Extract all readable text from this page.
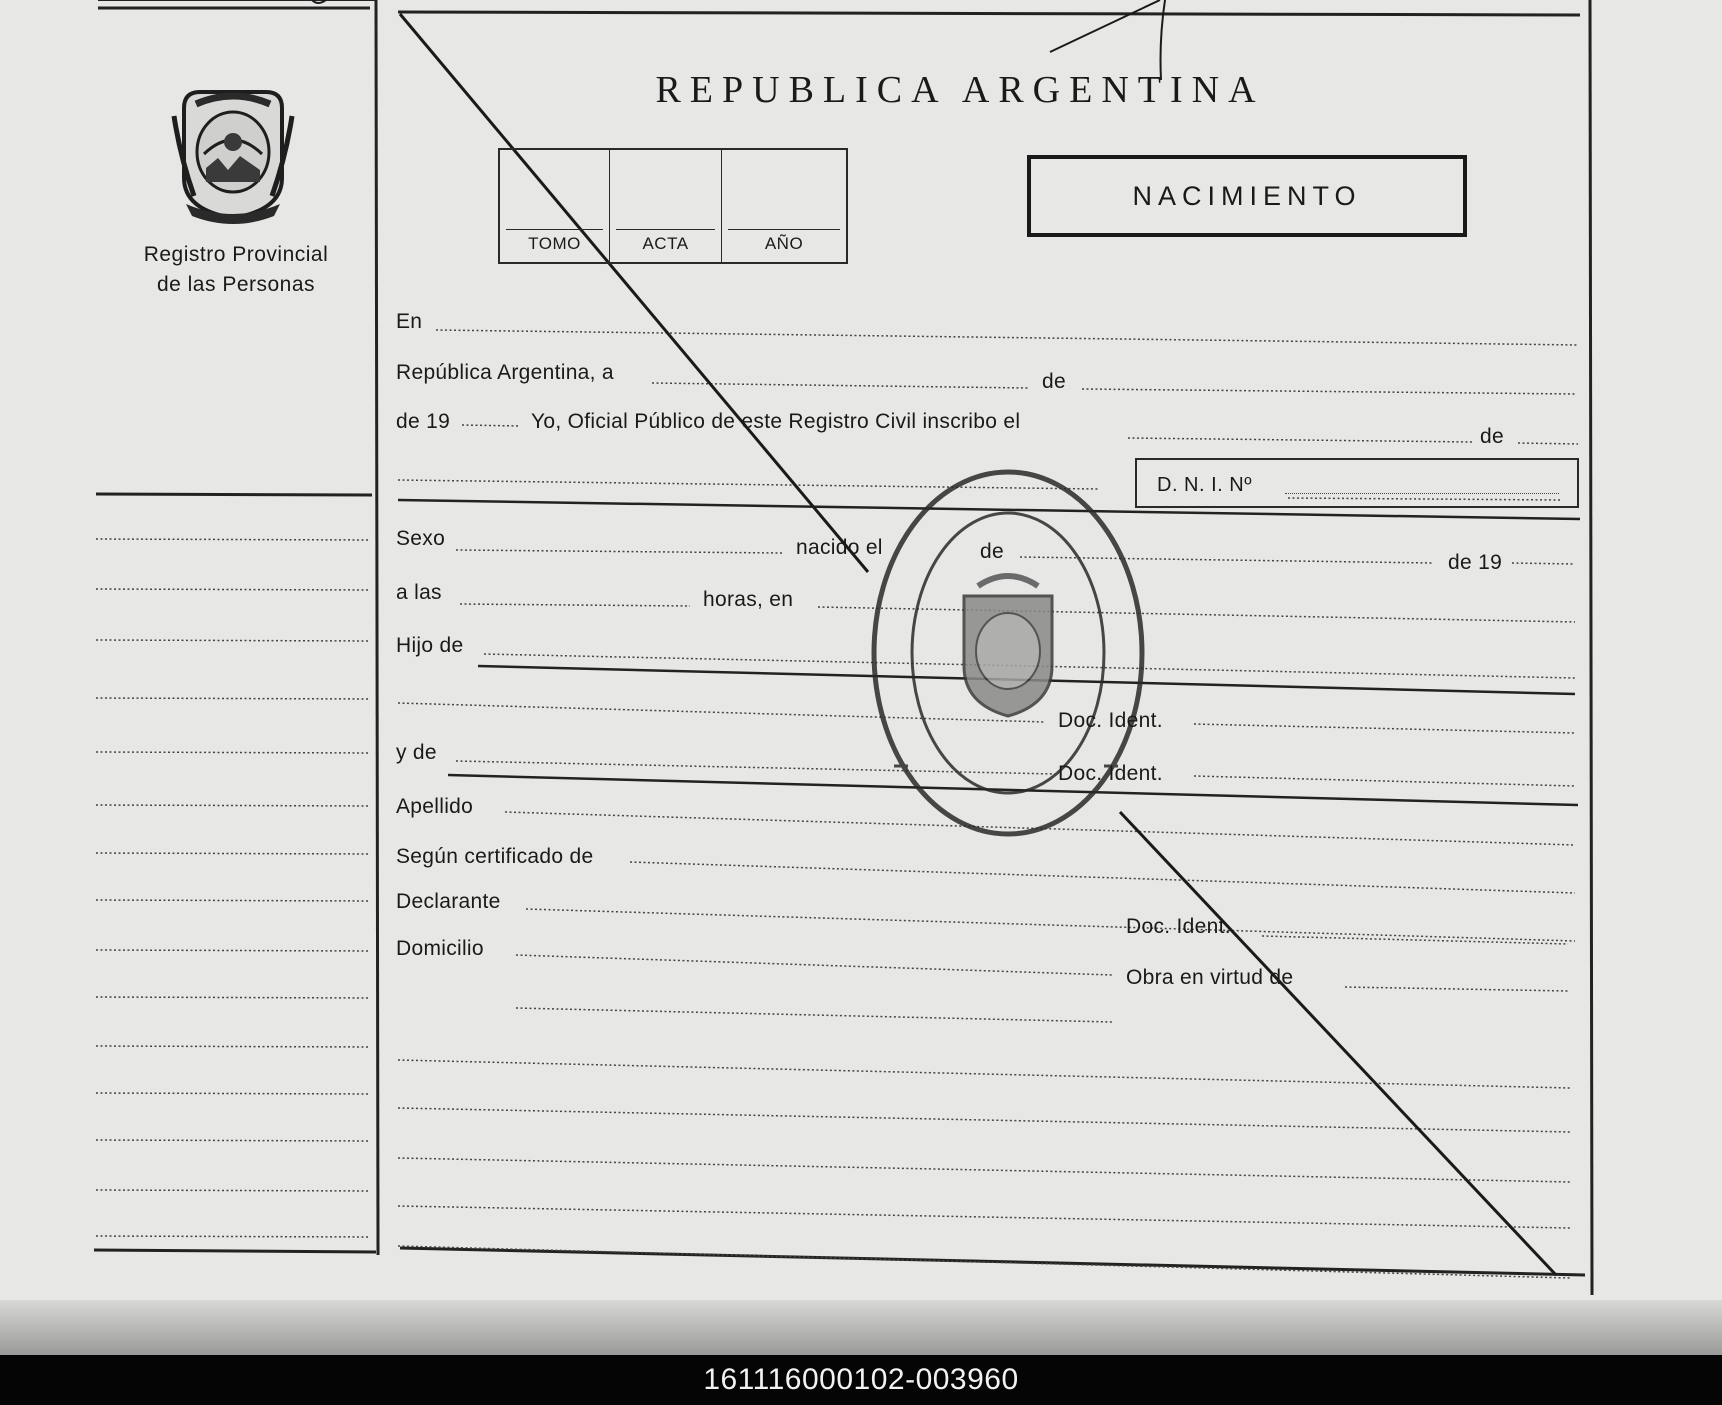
161116000102-003960
Registro Provincial
de las Personas
REPUBLICA ARGENTINA
NACIMIENTO
TOMO	ACTA	AÑO
D. N. I. Nº
En
República Argentina, a	de
de 19	Yo, Oficial Público de este Registro Civil inscribo el
de
Sexo	nacido el	de	de 19
a las	horas, en
Hijo de
Doc. Ident.
y de
Doc. Ident.
Apellido
Según certificado de
Declarante
Doc. Ident.
Domicilio
Obra en virtud de
